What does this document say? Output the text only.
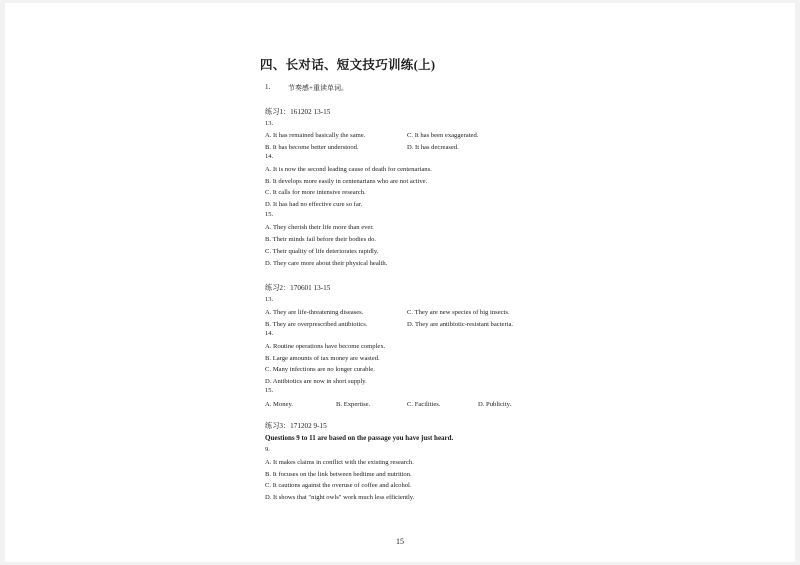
四、长对话、短文技巧训练(上)
1.	节奏感+重读单词。
练习1：161202 13-15
13.
A. It has remained basically the same.	C. It has been exaggerated.
B. It has become better understood.	D. It has decreased.
14.
A. It is now the second leading cause of death for centenarians.
B. It develops more easily in centenarians who are not active.
C. It calls for more intensive research.
D. It has had no effective cure so far.
15.
A. They cherish their life more than ever.
B. Their minds fail before their bodies do.
C. Their quality of life deteriorates rapidly.
D. They care more about their physical health.
练习2：170601 13-15
13.
A. They are life-threatening diseases.	C. They are new species of big insects.
B. They are overprescribed antibiotics.	D. They are antibiotic-resistant bacteria.
14.
A. Routine operations have become complex.
B. Large amounts of tax money are wasted.
C. Many infections are no longer curable.
D. Antibiotics are now in short supply.
15.
A. Money.	B. Expertise.	C. Facilities.	D. Publicity.
练习3：171202 9-15
Questions 9 to 11 are based on the passage you have just heard.
9.
A. It makes claims in conflict with the existing research.
B. It focuses on the link between bedtime and nutrition.
C. It cautions against the overuse of coffee and alcohol.
D. It shows that "night owls" work much less efficiently.
15
